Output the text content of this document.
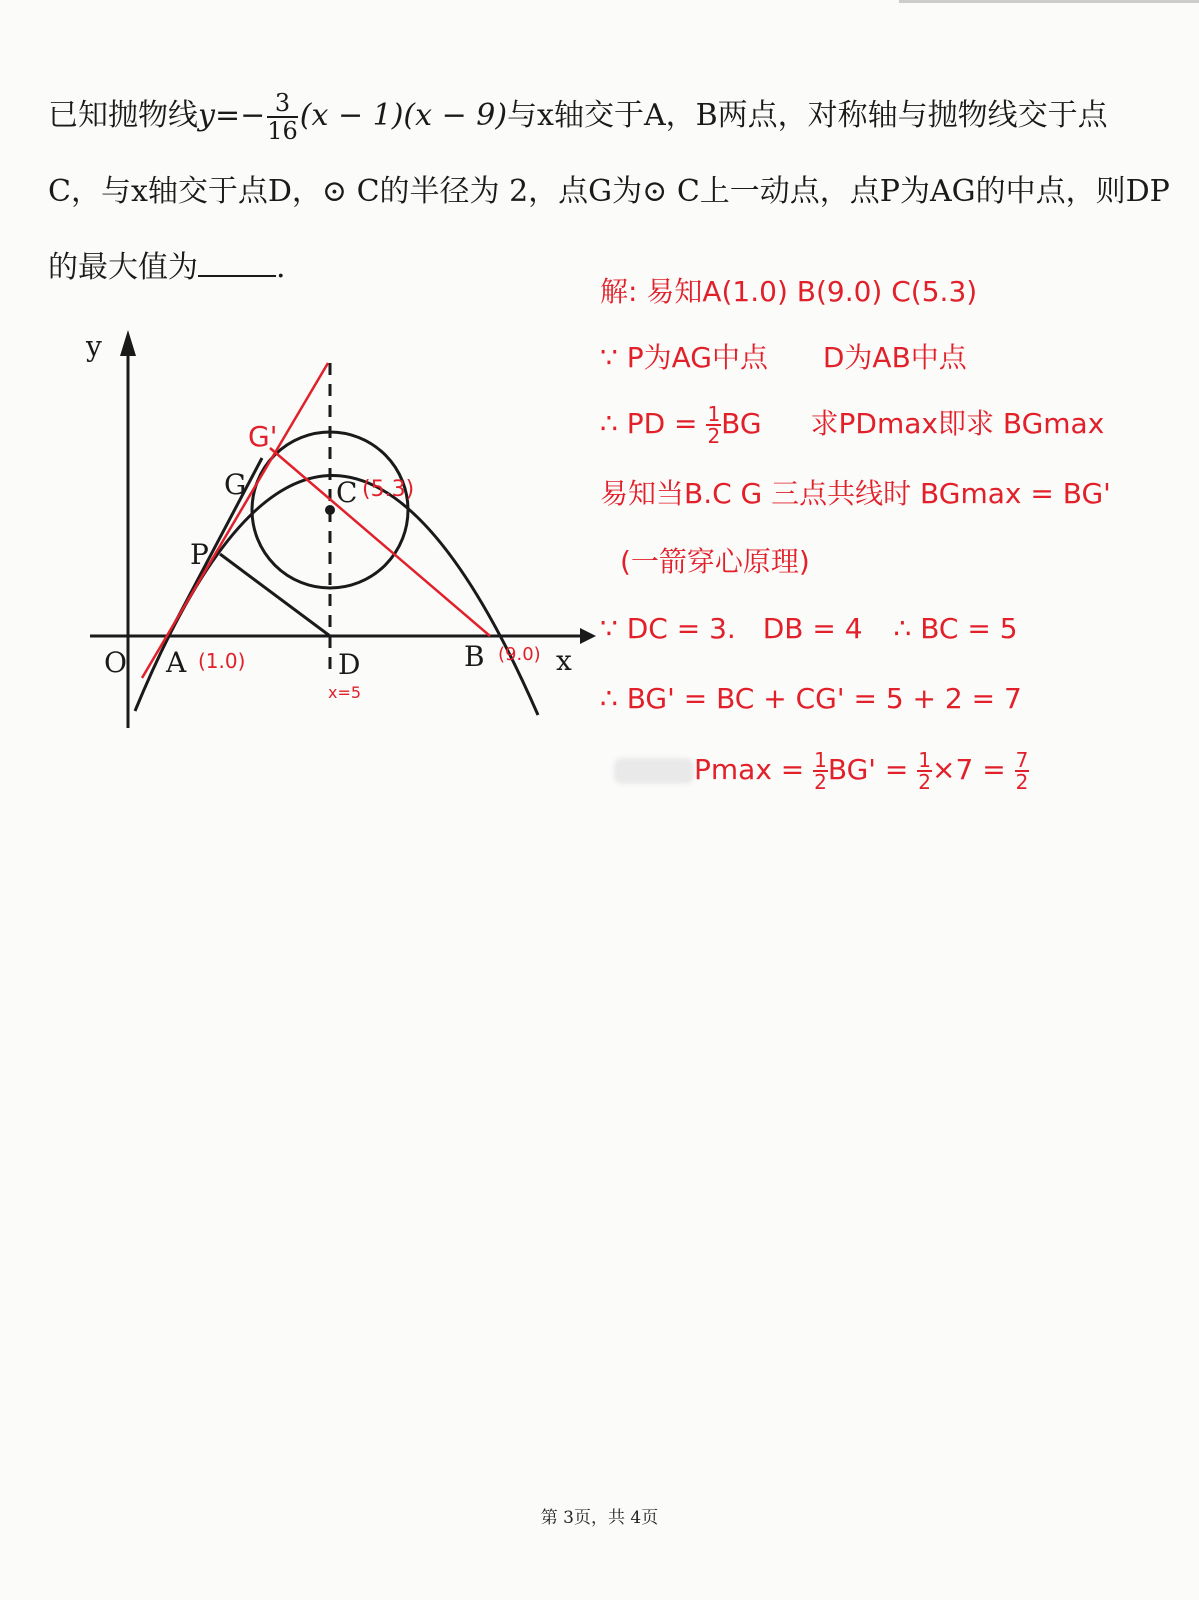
已知抛物线$y=- \frac{3}{16} (x - 1)(x - 9)$与x轴交于A，B两点，对称轴与抛物线交于点
C，与x轴交于点D，⊙ C的半径为 2，点G为⊙ C上一动点，点P为AG的中点，则DP
的最大值为	.
y
x
O A (1.0)	B (9.0)
D
x=5
C (5.3)
G
G'
P
解: 易知A(1.0) B(9.0) C(5.3)
∵ P为AG中点 D为AB中点
∴ PD = $\frac{1}{2}$ BG 求PDmax即求 BGmax
易知当B.C G 三点共线时 BGmax = BG'
(一箭穿心原理)
∵ DC = 3. DB = 4 ∴ BC = 5
∴ BG' = BC + CG' = 5 + 2 = 7
$Pmax = \frac{1}{2} BG' = \frac{1}{2} \times 7 = \frac{7}{2}$
第 3页，共 4页
